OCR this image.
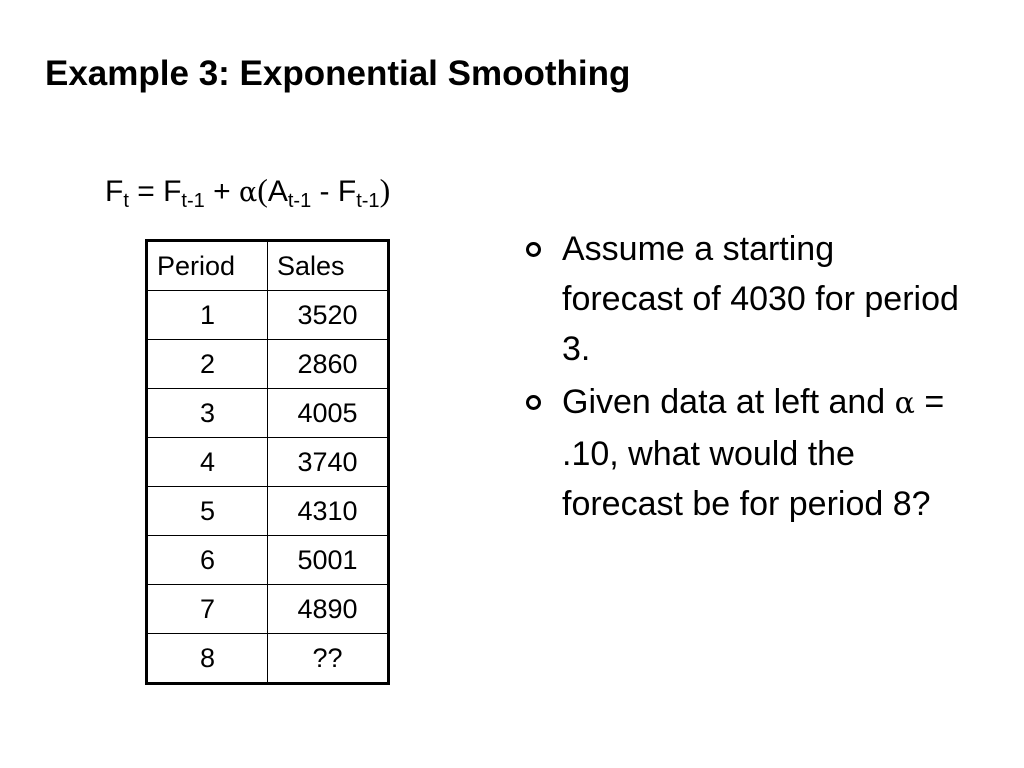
Example 3: Exponential Smoothing
$F_t = F_{t-1} + \alpha(A_{t-1} - F_{t-1})$
Period	Sales
1	3520
2	2860
3	4005
4	3740
5	4310
6	5001
7	4890
8	??
Assume a starting forecast of 4030 for period 3.
Given data at left and α = .10, what would the forecast be for period 8?
